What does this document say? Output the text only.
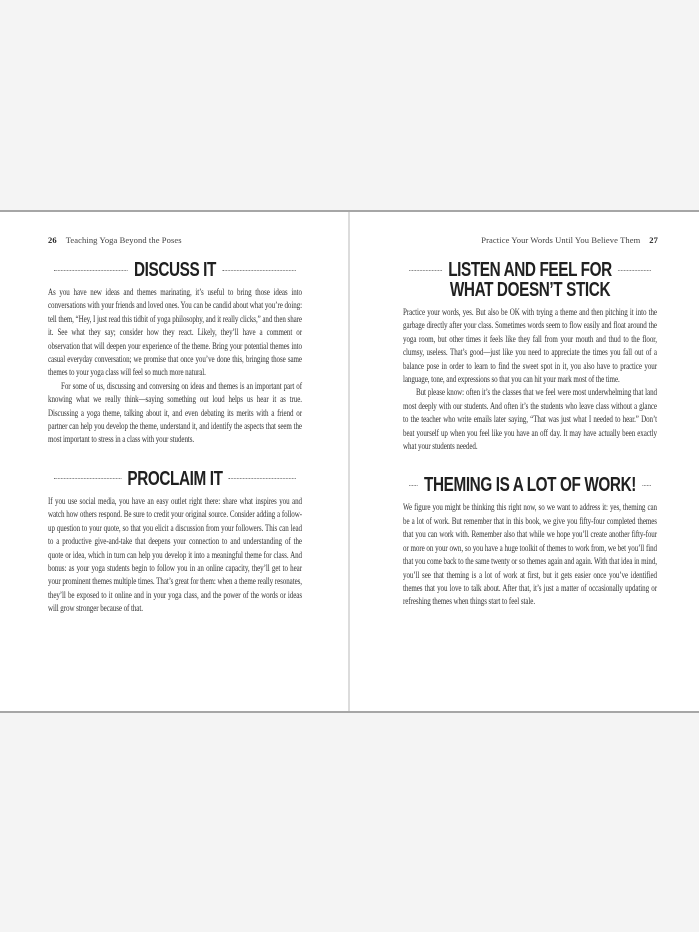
26 Teaching Yoga Beyond the Poses
DISCUSS IT

As you have new ideas and themes marinating, it’s useful to bring those ideas into conversations with your friends and loved ones. You can be candid about what you’re doing: tell them, “Hey, I just read this tidbit of yoga philosophy, and it really clicks,” and then share it. See what they say; consider how they react. Likely, they’ll have a comment or observation that will deepen your experience of the theme. Bring your potential themes into casual everyday conversation; we promise that once you’ve done this, bringing those same themes to your yoga class will feel so much more natural.

For some of us, discussing and conversing on ideas and themes is an important part of knowing what we really think—saying something out loud helps us hear it as true. Discussing a yoga theme, talking about it, and even debating its merits with a friend or partner can help you develop the theme, understand it, and identify the aspects that seem the most important to stress in a class with your students.

PROCLAIM IT

If you use social media, you have an easy outlet right there: share what inspires you and watch how others respond. Be sure to credit your original source. Consider adding a follow-up question to your quote, so that you elicit a discussion from your followers. This can lead to a productive give-and-take that deepens your connection to and understanding of the quote or idea, which in turn can help you develop it into a meaningful theme for class. And bonus: as your yoga students begin to follow you in an online capacity, they’ll get to hear your prominent themes multiple times. That’s great for them: when a theme really resonates, they’ll be exposed to it online and in your yoga class, and the power of the words or ideas will grow stronger because of that.

Practice Your Words Until You Believe Them 27
LISTEN AND FEEL FOR
WHAT DOESN’T STICK

Practice your words, yes. But also be OK with trying a theme and then pitching it into the garbage directly after your class. Sometimes words seem to flow easily and float around the yoga room, but other times it feels like they fall from your mouth and thud to the floor, clumsy, useless. That’s good—just like you need to appreciate the times you fall out of a balance pose in order to learn to find the sweet spot in it, you also have to practice your language, tone, and expressions so that you can hit your mark most of the time.

But please know: often it’s the classes that we feel were most underwhelming that land most deeply with our students. And often it’s the students who leave class without a glance to the teacher who write emails later saying, “That was just what I needed to hear.” Don’t beat yourself up when you feel like you have an off day. It may have actually been exactly what your students needed.

THEMING IS A LOT OF WORK!

We figure you might be thinking this right now, so we want to address it: yes, theming can be a lot of work. But remember that in this book, we give you fifty-four completed themes that you can work with. Remember also that while we hope you’ll create another fifty-four or more on your own, so you have a huge toolkit of themes to work from, we bet you’ll find that you come back to the same twenty or so themes again and again. With that idea in mind, you’ll see that theming is a lot of work at first, but it gets easier once you’ve identified themes that you love to talk about. After that, it’s just a matter of occasionally updating or refreshing themes when things start to feel stale.
